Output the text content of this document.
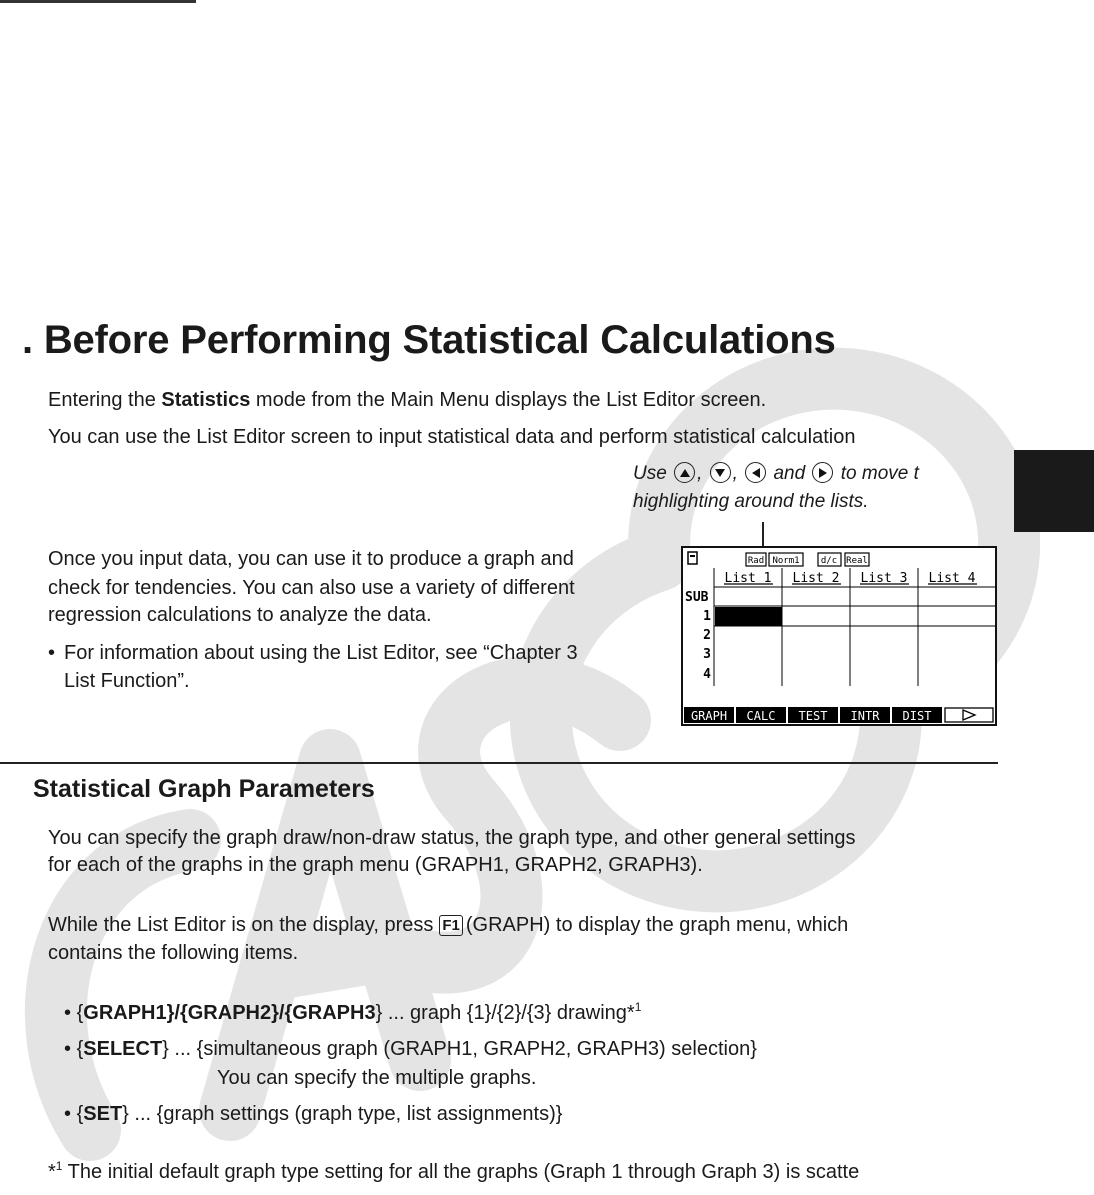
. Before Performing Statistical Calculations
Entering the Statistics mode from the Main Menu displays the List Editor screen.
You can use the List Editor screen to input statistical data and perform statistical calculation
Use , , and to move t
highlighting around the lists.
Once you input data, you can use it to produce a graph and
check for tendencies. You can also use a variety of different
regression calculations to analyze the data.
• For information about using the List Editor, see “Chapter 3
List Function”.
Rad Norm1 d/c Real
List 1 List 2 List 3 List 4
SUB
1
2
3
4
GRAPH CALC TEST INTR DIST
Statistical Graph Parameters
You can specify the graph draw/non-draw status, the graph type, and other general settings
for each of the graphs in the graph menu (GRAPH1, GRAPH2, GRAPH3).
While the List Editor is on the display, press F1 (GRAPH) to display the graph menu, which
contains the following items.
• {GRAPH1}/{GRAPH2}/{GRAPH3} ... graph {1}/{2}/{3} drawing*$^1$
• {SELECT} ... {simultaneous graph (GRAPH1, GRAPH2, GRAPH3) selection}
You can specify the multiple graphs.
• {SET} ... {graph settings (graph type, list assignments)}
*$^1$ The initial default graph type setting for all the graphs (Graph 1 through Graph 3) is scatte
